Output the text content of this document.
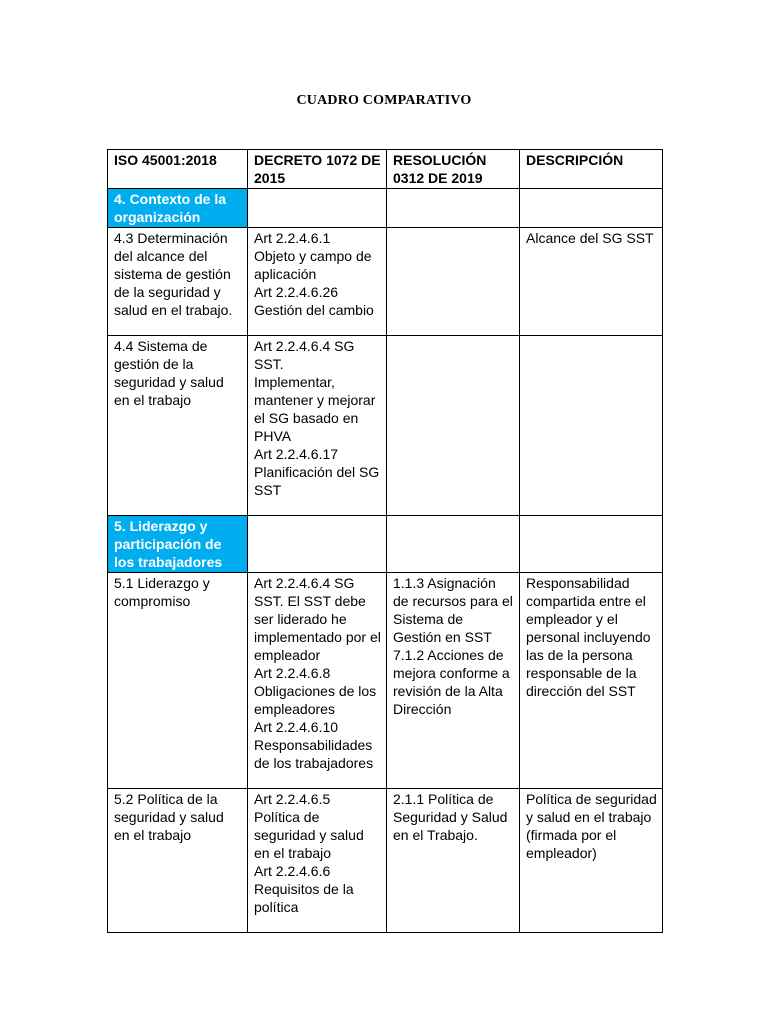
CUADRO COMPARATIVO
ISO 45001:2018	DECRETO 1072 DE 2015	RESOLUCIÓN 0312 DE 2019	DESCRIPCIÓN

4. Contexto de la organización			

4.3 Determinación del alcance del sistema de gestión de la seguridad y salud en el trabajo.	Art 2.2.4.6.1
Objeto y campo de aplicación
Art 2.2.4.6.26
Gestión del cambio		Alcance del SG SST
4.4 Sistema de gestión de la seguridad y salud en el trabajo	Art 2.2.4.6.4 SG SST.
Implementar, mantener y mejorar el SG basado en PHVA
Art 2.2.4.6.17
Planificación del SG SST		

5. Liderazgo y participación de los trabajadores			

5.1 Liderazgo y compromiso	Art 2.2.4.6.4 SG SST. El SST debe ser liderado he implementado por el empleador
Art 2.2.4.6.8
Obligaciones de los empleadores
Art 2.2.4.6.10
Responsabilidades de los trabajadores	1.1.3 Asignación de recursos para el Sistema de Gestión en SST
7.1.2 Acciones de mejora conforme a revisión de la Alta Dirección	Responsabilidad compartida entre el empleador y el personal incluyendo las de la persona responsable de la dirección del SST
5.2 Política de la seguridad y salud en el trabajo	Art 2.2.4.6.5
Política de seguridad y salud en el trabajo
Art 2.2.4.6.6
Requisitos de la política	2.1.1 Política de Seguridad y Salud en el Trabajo.	Política de seguridad y salud en el trabajo (firmada por el empleador)
